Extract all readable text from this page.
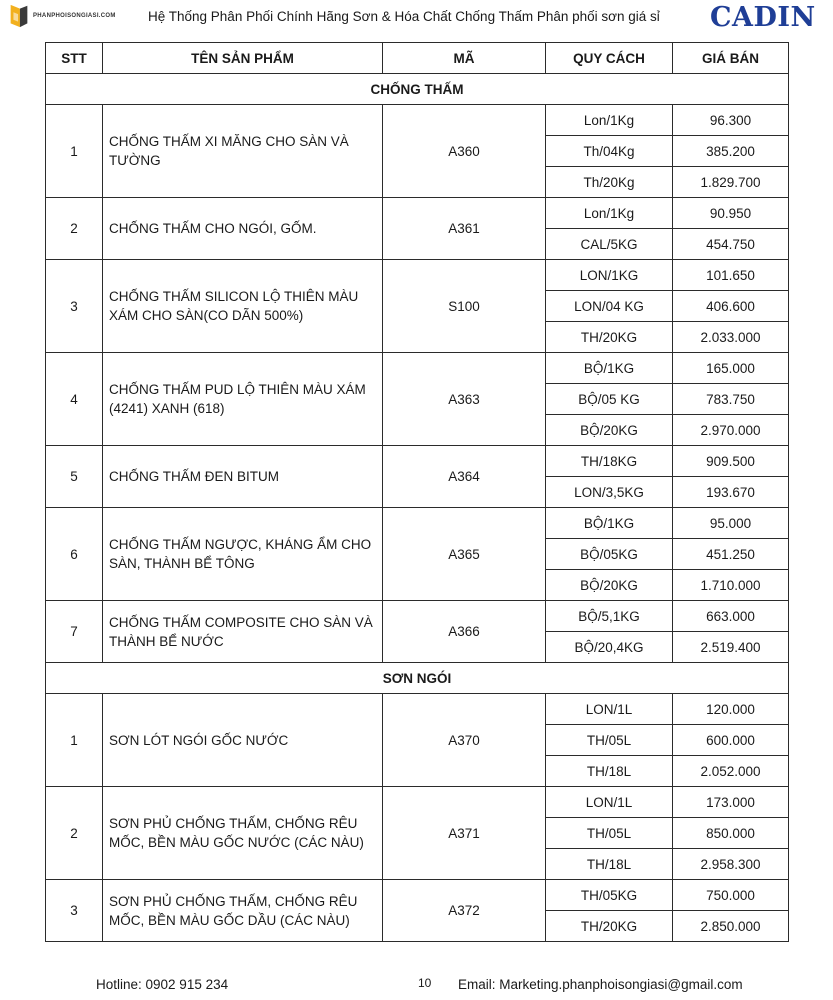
PHANPHOISONGIASI.COM Hệ Thống Phân Phối Chính Hãng Sơn & Hóa Chất Chống Thấm Phân phối sơn giá sỉ CADIN
STT	TÊN SẢN PHẨM	MÃ	QUY CÁCH	GIÁ BÁN
CHỐNG THẤM				
1	CHỐNG THẤM XI MĂNG CHO SÀN VÀ TƯỜNG	A360	Lon/1Kg	96.300
			Th/04Kg	385.200
			Th/20Kg	1.829.700
2	CHỐNG THẤM CHO NGÓI, GỐM.	A361	Lon/1Kg	90.950
			CAL/5KG	454.750
3	CHỐNG THẤM SILICON LỘ THIÊN MÀU XÁM CHO SÀN(CO DÃN 500%)	S100	LON/1KG	101.650
			LON/04 KG	406.600
			TH/20KG	2.033.000
4	CHỐNG THẤM PUD LỘ THIÊN MÀU XÁM (4241) XANH (618)	A363	BỘ/1KG	165.000
			BỘ/05 KG	783.750
			BỘ/20KG	2.970.000
5	CHỐNG THẤM ĐEN BITUM	A364	TH/18KG	909.500
			LON/3,5KG	193.670
6	CHỐNG THẤM NGƯỢC, KHÁNG ẨM CHO SÀN, THÀNH BỂ TÔNG	A365	BỘ/1KG	95.000
			BỘ/05KG	451.250
			BỘ/20KG	1.710.000
7	CHỐNG THẤM COMPOSITE CHO SÀN VÀ THÀNH BỂ NƯỚC	A366	BỘ/5,1KG	663.000
			BỘ/20,4KG	2.519.400
SƠN NGÓI				
1	SƠN LÓT NGÓI GỐC NƯỚC	A370	LON/1L	120.000
			TH/05L	600.000
			TH/18L	2.052.000
2	SƠN PHỦ CHỐNG THẤM, CHỐNG RÊU MỐC, BỀN MÀU GỐC NƯỚC (CÁC NÀU)	A371	LON/1L	173.000
			TH/05L	850.000
			TH/18L	2.958.300
3	SƠN PHỦ CHỐNG THẤM, CHỐNG RÊU MỐC, BỀN MÀU GỐC DẦU (CÁC NÀU)	A372	TH/05KG	750.000
			TH/20KG	2.850.000
Hotline: 0902 915 234	10 Email: Marketing.phanphoisongiasi@gmail.com
